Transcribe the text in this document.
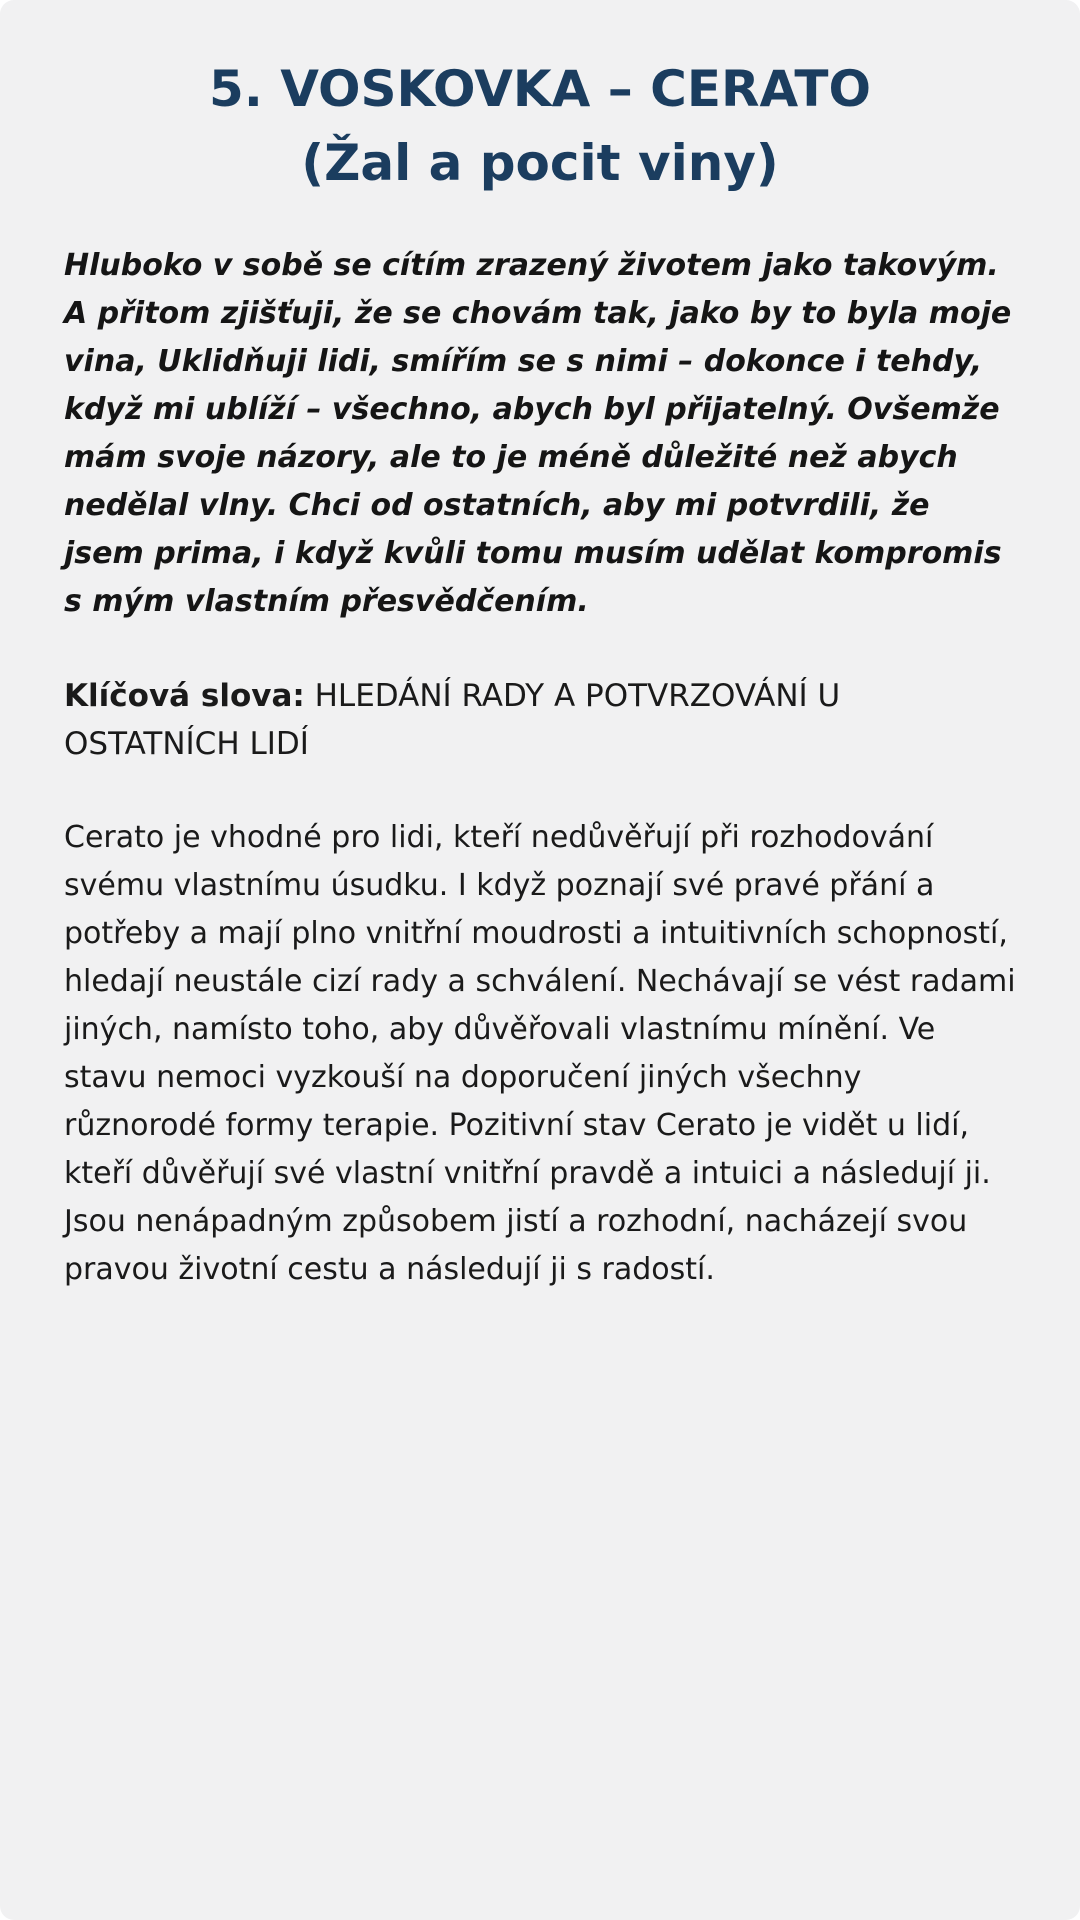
5. VOSKOVKA – CERATO
(Žal a pocit viny)

Hluboko v sobě se cítím zrazený životem jako takovým. A přitom zjišťuji, že se chovám tak, jako by to byla moje vina, Uklidňuji lidi, smířím se s nimi – dokonce i tehdy, když mi ublíží – všechno, abych byl přijatelný. Ovšemže mám svoje názory, ale to je méně důležité než abych nedělal vlny. Chci od ostatních, aby mi potvrdili, že jsem prima, i když kvůli tomu musím udělat kompromis s mým vlastním přesvědčením.

Klíčová slova: HLEDÁNÍ RADY A POTVRZOVÁNÍ U OSTATNÍCH LIDÍ

Cerato je vhodné pro lidi, kteří nedůvěřují při rozhodování svému vlastnímu úsudku. I když poznají své pravé přání a potřeby a mají plno vnitřní moudrosti a intuitivních schopností, hledají neustále cizí rady a schválení. Nechávají se vést radami jiných, namísto toho, aby důvěřovali vlastnímu mínění. Ve stavu nemoci vyzkouší na doporučení jiných všechny různorodé formy terapie. Pozitivní stav Cerato je vidět u lidí, kteří důvěřují své vlastní vnitřní pravdě a intuici a následují ji. Jsou nenápadným způsobem jistí a rozhodní, nacházejí svou pravou životní cestu a následují ji s radostí.
